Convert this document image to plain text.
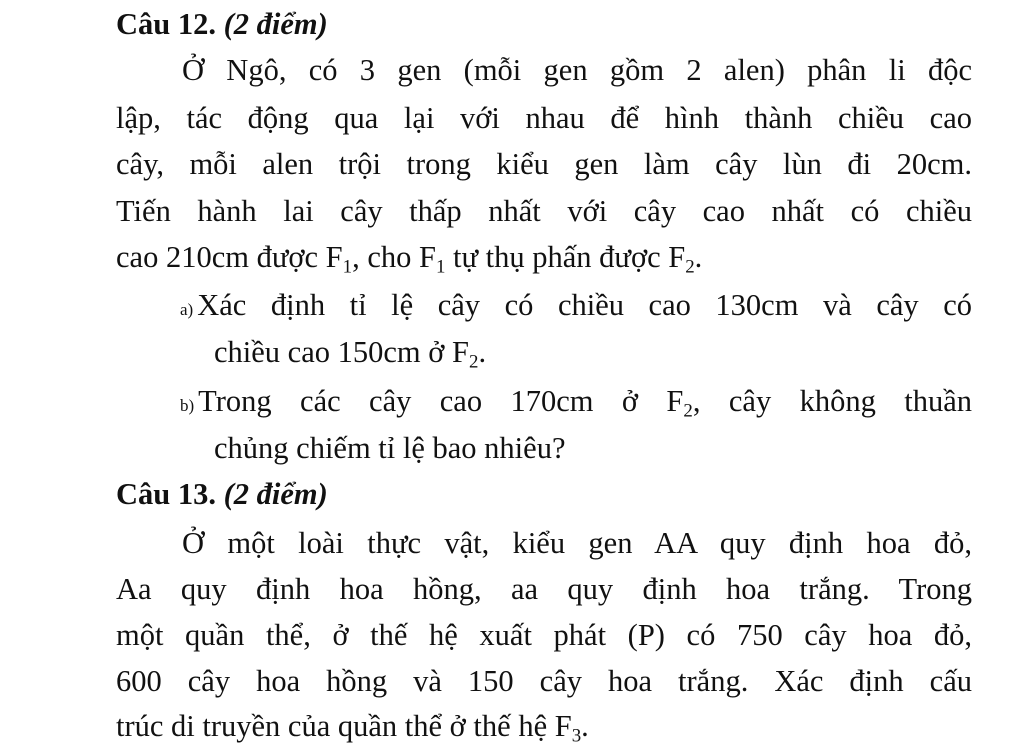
Câu 12. (2 điểm)
Ở Ngô, có 3 gen (mỗi gen gồm 2 alen) phân li độc
lập, tác động qua lại với nhau để hình thành chiều cao
cây, mỗi alen trội trong kiểu gen làm cây lùn đi 20cm.
Tiến hành lai cây thấp nhất với cây cao nhất có chiều
cao 210cm được $F_1$, cho $F_1$ tự thụ phấn được $F_2$.
a) Xác định tỉ lệ cây có chiều cao 130cm và cây có
chiều cao 150cm ở $F_2$.
b) Trong các cây cao 170cm ở $F_2$, cây không thuần
chủng chiếm tỉ lệ bao nhiêu?
Câu 13. (2 điểm)
Ở một loài thực vật, kiểu gen AA quy định hoa đỏ,
Aa quy định hoa hồng, aa quy định hoa trắng. Trong
một quần thể, ở thế hệ xuất phát (P) có 750 cây hoa đỏ,
600 cây hoa hồng và 150 cây hoa trắng. Xác định cấu
trúc di truyền của quần thể ở thế hệ $F_3$.
